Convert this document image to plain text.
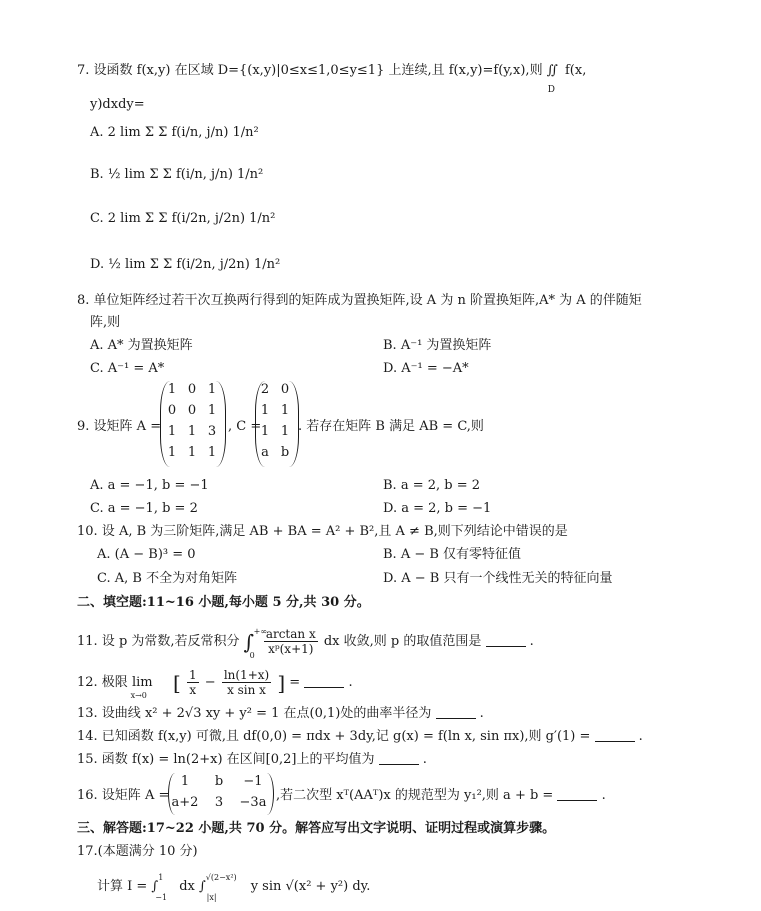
7. 设函数 f(x,y) 在区域 D={(x,y)|0≤x≤1,0≤y≤1} 上连续,且 f(x,y)=f(y,x),则 $∬_Df(x$,
y)dxdy=
A. 2 lim Σ Σ f(i/n, j/n) 1/n²
B. ½ lim Σ Σ f(i/n, j/n) 1/n²
C. 2 lim Σ Σ f(i/2n, j/2n) 1/n²
D. ½ lim Σ Σ f(i/2n, j/2n) 1/n²
8. 单位矩阵经过若干次互换两行得到的矩阵成为置换矩阵,设 A 为 n 阶置换矩阵,A* 为 A 的伴随矩
阵,则
A. A* 为置换矩阵	B. A⁻¹ 为置换矩阵
C. A⁻¹ = A*	D. A⁻¹ = −A*
9. 设矩阵 A =
1 0 1
0 0 1
1 1 3
1 1 1
, C =
2 0
1 1
1 1
a b
. 若存在矩阵 B 满足 AB = C,则
A. a = −1, b = −1	B. a = 2, b = 2
C. a = −1, b = 2	D. a = 2, b = −1
10. 设 A, B 为三阶矩阵,满足 AB + BA = A² + B²,且 A ≠ B,则下列结论中错误的是
A. (A − B)³ = 0	B. A − B 仅有零特征值
C. A, B 不全为对角矩阵	D. A − B 只有一个线性无关的特征向量
二、填空题:11~16 小题,每小题 5 分,共 30 分。
11. 设 p 为常数,若反常积分 ∫ +∞
0
$\frac{\text{arctan x}}{\text{xᵖ(x+1)}}$ dx 收敛,则 p 的取值范围是	.
12. 极限 $\lim_{x\to 0}$ [ $\frac{1}{x} - \frac{\ln(1+x)}{\text{x sin x}}$ ] =	.
13. 设曲线 x² + 2√3 xy + y² = 1 在点(0,1)处的曲率半径为	.
14. 已知函数 f(x,y) 可微,且 df(0,0) = πdx + 3dy,记 g(x) = f(ln x, sin πx),则 g′(1) =	.
15. 函数 f(x) = ln(2+x) 在区间[0,2]上的平均值为	.
16. 设矩阵 A =
1	b	−1
a+2	3	−3a ,若二次型 xᵀ(AAᵀ)x 的规范型为 y₁²,则 a + b =	.
三、解答题:17~22 小题,共 70 分。解答应写出文字说明、证明过程或演算步骤。
17.(本题满分 10 分)
计算 I = ∫$^1_{-1}$ dx ∫$^{√(2-x^2)}_{|x|}$ y sin √(x² + y²) dy.
